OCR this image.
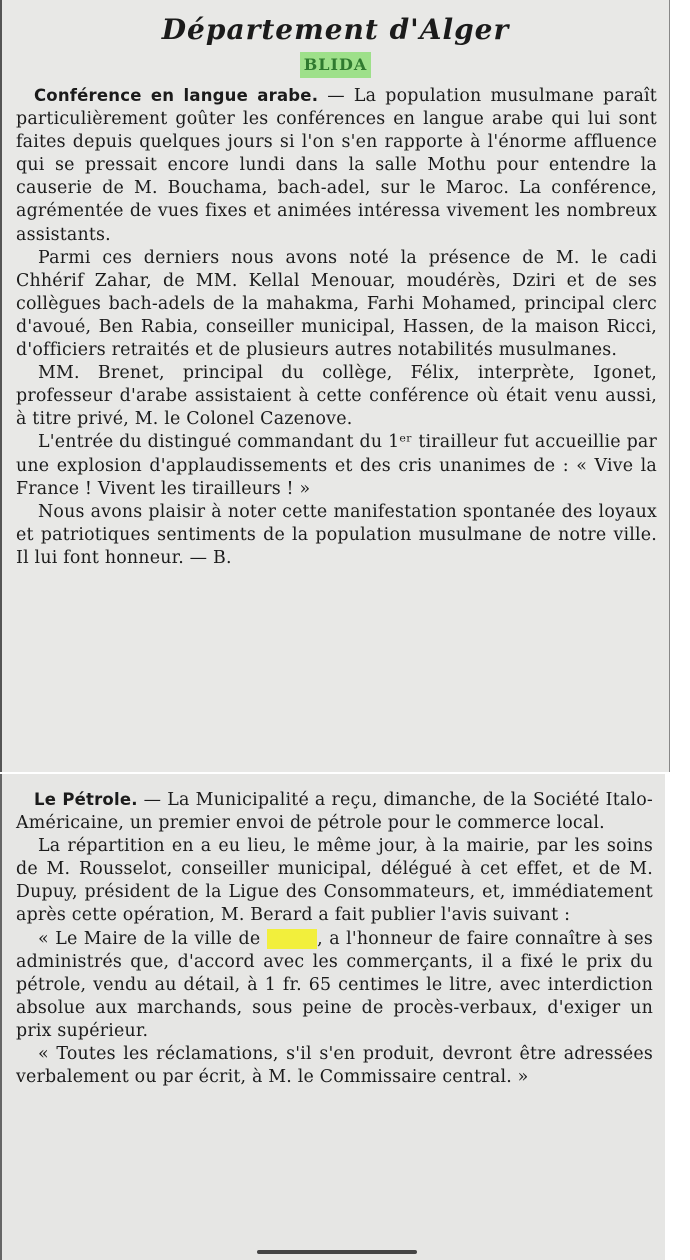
Département d'Alger
BLIDA

Conférence en langue arabe. — La population musulmane paraît particulièrement goûter les conférences en langue arabe qui lui sont faites depuis quelques jours si l'on s'en rapporte à l'énorme affluence qui se pressait encore lundi dans la salle Mothu pour entendre la causerie de M. Bouchama, bach-adel, sur le Maroc. La conférence, agrémentée de vues fixes et animées intéressa vivement les nombreux assistants.

Parmi ces derniers nous avons noté la présence de M. le cadi Chhérif Zahar, de MM. Kellal Menouar, moudérès, Dziri et de ses collègues bach-adels de la mahakma, Farhi Mohamed, principal clerc d'avoué, Ben Rabia, conseiller municipal, Hassen, de la maison Ricci, d'officiers retraités et de plusieurs autres notabilités musulmanes.

MM. Brenet, principal du collège, Félix, interprète, Igonet, professeur d'arabe assistaient à cette conférence où était venu aussi, à titre privé, M. le Colonel Cazenove.

L'entrée du distingué commandant du 1ᵉʳ tirailleur fut accueillie par une explosion d'applaudissements et des cris unanimes de : « Vive la France ! Vivent les tirailleurs ! »

Nous avons plaisir à noter cette manifestation spontanée des loyaux et patriotiques sentiments de la population musulmane de notre ville. Il lui font honneur. — B.

Le Pétrole. — La Municipalité a reçu, dimanche, de la Société Italo-Américaine, un premier envoi de pétrole pour le commerce local.

La répartition en a eu lieu, le même jour, à la mairie, par les soins de M. Rousselot, conseiller municipal, délégué à cet effet, et de M. Dupuy, président de la Ligue des Consommateurs, et, immédiatement après cette opération, M. Berard a fait publier l'avis suivant :

« Le Maire de la ville de Blida , a l'honneur de faire connaître à ses administrés que, d'accord avec les commerçants, il a fixé le prix du pétrole, vendu au détail, à 1 fr. 65 centimes le litre, avec interdiction absolue aux marchands, sous peine de procès-verbaux, d'exiger un prix supérieur.

« Toutes les réclamations, s'il s'en produit, devront être adressées verbalement ou par écrit, à M. le Commissaire central. »
